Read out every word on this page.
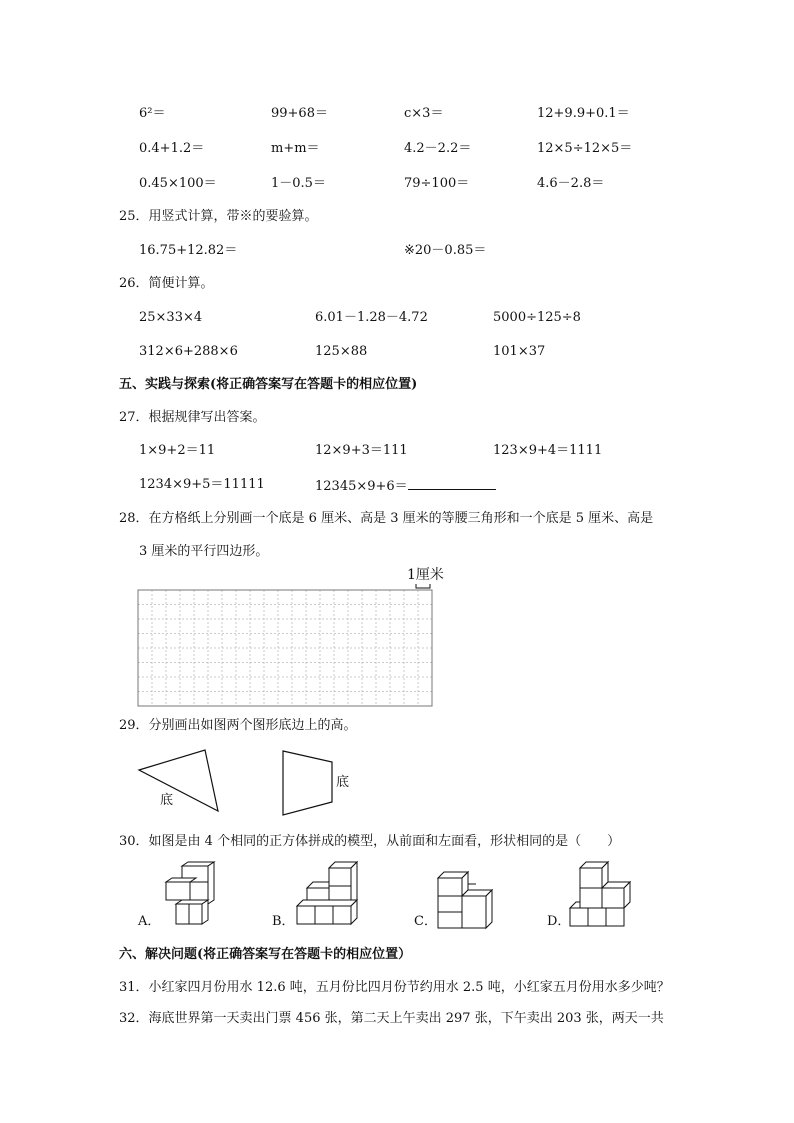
6²＝	99+68＝	c×3＝	12+9.9+0.1＝
0.4+1.2＝	m+m＝	4.2－2.2＝	12×5÷12×5＝
0.45×100＝	1－0.5＝	79÷100＝	4.6－2.8＝
25．用竖式计算，带※的要验算。
16.75+12.82＝	※20－0.85＝
26．简便计算。
25×33×4	6.01－1.28－4.72	5000÷125÷8
312×6+288×6	125×88	101×37
五、实践与探索(将正确答案写在答题卡的相应位置)
27．根据规律写出答案。
1×9+2＝11	12×9+3＝111	123×9+4＝1111
1234×9+5＝11111	12345×9+6＝
28．在方格纸上分别画一个底是 6 厘米、高是 3 厘米的等腰三角形和一个底是 5 厘米、高是
3 厘米的平行四边形。
1厘米
29．分别画出如图两个图形底边上的高。
底
底
30．如图是由 4 个相同的正方体拼成的模型，从前面和左面看，形状相同的是（　　）
A．	B．	C．	D．
六、解决问题(将正确答案写在答题卡的相应位置）
31．小红家四月份用水 12.6 吨，五月份比四月份节约用水 2.5 吨，小红家五月份用水多少吨？
32．海底世界第一天卖出门票 456 张，第二天上午卖出 297 张，下午卖出 203 张，两天一共
